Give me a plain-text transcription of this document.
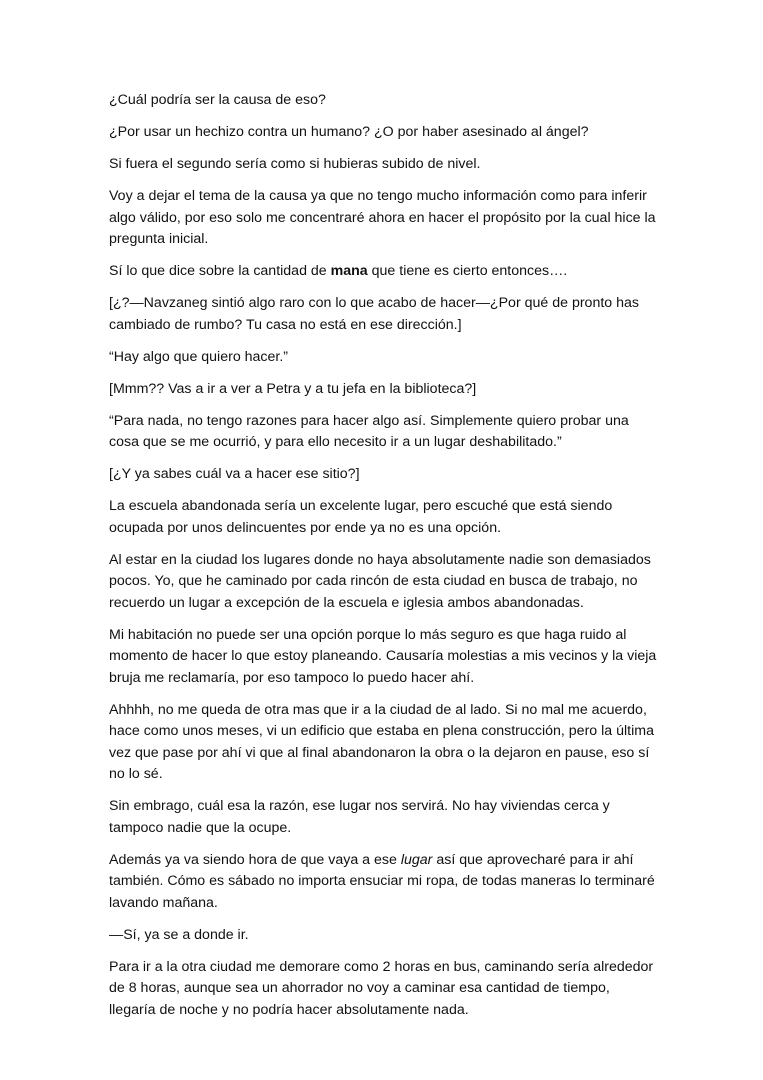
¿Cuál podría ser la causa de eso?

¿Por usar un hechizo contra un humano? ¿O por haber asesinado al ángel?

Si fuera el segundo sería como si hubieras subido de nivel.

Voy a dejar el tema de la causa ya que no tengo mucho información como para inferir algo válido, por eso solo me concentraré ahora en hacer el propósito por la cual hice la pregunta inicial.

Sí lo que dice sobre la cantidad de mana que tiene es cierto entonces….

[¿?—Navzaneg sintió algo raro con lo que acabo de hacer—¿Por qué de pronto has cambiado de rumbo? Tu casa no está en ese dirección.]

“Hay algo que quiero hacer.”

[Mmm?? Vas a ir a ver a Petra y a tu jefa en la biblioteca?]

“Para nada, no tengo razones para hacer algo así. Simplemente quiero probar una cosa que se me ocurrió, y para ello necesito ir a un lugar deshabilitado.”

[¿Y ya sabes cuál va a hacer ese sitio?]

La escuela abandonada sería un excelente lugar, pero escuché que está siendo ocupada por unos delincuentes por ende ya no es una opción.

Al estar en la ciudad los lugares donde no haya absolutamente nadie son demasiados pocos. Yo, que he caminado por cada rincón de esta ciudad en busca de trabajo, no recuerdo un lugar a excepción de la escuela e iglesia ambos abandonadas.

Mi habitación no puede ser una opción porque lo más seguro es que haga ruido al momento de hacer lo que estoy planeando. Causaría molestias a mis vecinos y la vieja bruja me reclamaría, por eso tampoco lo puedo hacer ahí.

Ahhhh, no me queda de otra mas que ir a la ciudad de al lado. Si no mal me acuerdo, hace como unos meses, vi un edificio que estaba en plena construcción, pero la última vez que pase por ahí vi que al final abandonaron la obra o la dejaron en pause, eso sí no lo sé.

Sin embrago, cuál esa la razón, ese lugar nos servirá. No hay viviendas cerca y tampoco nadie que la ocupe.

Además ya va siendo hora de que vaya a ese lugar así que aprovecharé para ir ahí también. Cómo es sábado no importa ensuciar mi ropa, de todas maneras lo terminaré lavando mañana.

—Sí, ya se a donde ir.

Para ir a la otra ciudad me demorare como 2 horas en bus, caminando sería alrededor de 8 horas, aunque sea un ahorrador no voy a caminar esa cantidad de tiempo, llegaría de noche y no podría hacer absolutamente nada.
